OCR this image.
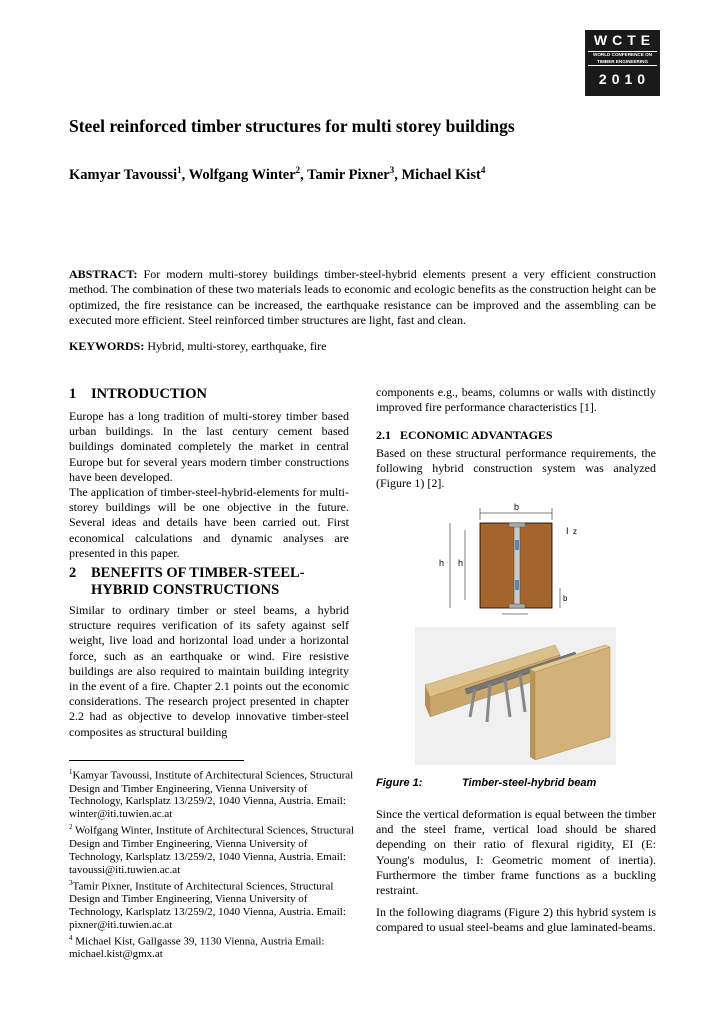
WCTE
WORLD CONFERENCE ON TIMBER ENGINEERING
2010
Steel reinforced timber structures for multi storey buildings
Kamyar Tavoussi$^1$, Wolfgang Winter$^2$, Tamir Pixner$^3$, Michael Kist$^4$
ABSTRACT: For modern multi-storey buildings timber-steel-hybrid elements present a very efficient construction method. The combination of these two materials leads to economic and ecologic benefits as the construction height can be optimized, the fire resistance can be increased, the earthquake resistance can be improved and the assembling can be executed more efficient. Steel reinforced timber structures are light, fast and clean.
KEYWORDS: Hybrid, multi-storey, earthquake, fire
1 INTRODUCTION
Europe has a long tradition of multi-storey timber based urban buildings. In the last century cement based buildings dominated completely the market in central Europe but for several years modern timber constructions have been developed.
The application of timber-steel-hybrid-elements for multi-storey buildings will be one objective in the future. Several ideas and details have been carried out. First economical calculations and dynamic analyses are presented in this paper.
2	BENEFITS OF TIMBER-STEEL-HYBRID CONSTRUCTIONS
Similar to ordinary timber or steel beams, a hybrid structure requires verification of its safety against self weight, live load and horizontal load under a horizontal force, such as an earthquake or wind. Fire resistive buildings are also required to maintain building integrity in the event of a fire. Chapter 2.1 points out the economic considerations. The research project presented in chapter 2.2 had as objective to develop innovative timber-steel composites as structural building
$^1$Kamyar Tavoussi, Institute of Architectural Sciences, Structural Design and Timber Engineering, Vienna University of Technology, Karlsplatz 13/259/2, 1040 Vienna, Austria. Email: winter@iti.tuwien.ac.at
$^2$ Wolfgang Winter, Institute of Architectural Sciences, Structural Design and Timber Engineering, Vienna University of Technology, Karlsplatz 13/259/2, 1040 Vienna, Austria. Email: tavoussi@iti.tuwien.ac.at
$^3$Tamir Pixner, Institute of Architectural Sciences, Structural Design and Timber Engineering, Vienna University of Technology, Karlsplatz 13/259/2, 1040 Vienna, Austria. Email: pixner@iti.tuwien.ac.at
$^4$ Michael Kist, Gallgasse 39, 1130 Vienna, Austria Email: michael.kist@gmx.at
components e.g., beams, columns or walls with distinctly improved fire performance characteristics [1].
2.1 ECONOMIC ADVANTAGES
Based on these structural performance requirements, the following hybrid construction system was analyzed (Figure 1) [2].
b
h h
I z
b
Figure 1:	Timber-steel-hybrid beam
Since the vertical deformation is equal between the timber and the steel frame, vertical load should be shared depending on their ratio of flexural rigidity, EI (E: Young's modulus, I: Geometric moment of inertia). Furthermore the timber frame functions as a buckling restraint.
In the following diagrams (Figure 2) this hybrid system is compared to usual steel-beams and glue laminated-beams.
